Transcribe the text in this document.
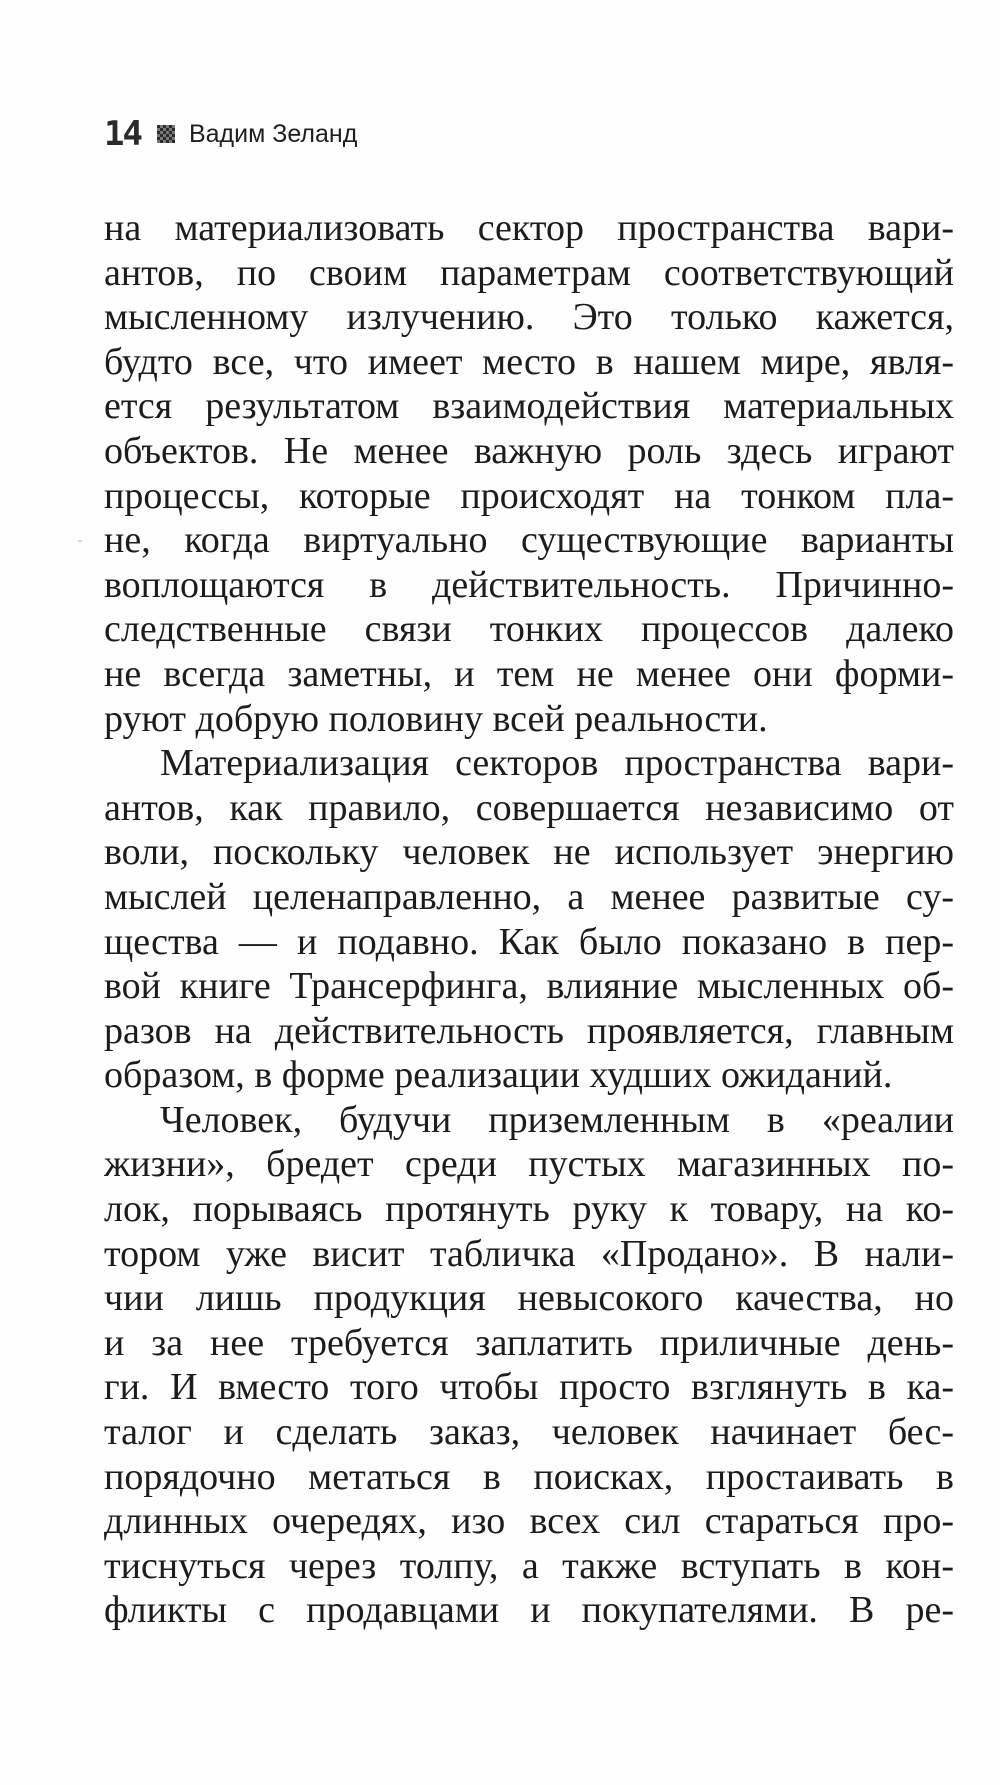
14 Вадим Зеланд
на материализовать сектор пространства вари-
антов, по своим параметрам соответствующий
мысленному излучению. Это только кажется,
будто все, что имеет место в нашем мире, явля-
ется результатом взаимодействия материальных
объектов. Не менее важную роль здесь играют
процессы, которые происходят на тонком пла-
не, когда виртуально существующие варианты
воплощаются в действительность. Причинно-
следственные связи тонких процессов далеко
не всегда заметны, и тем не менее они форми-
руют добрую половину всей реальности.
Материализация секторов пространства вари-
антов, как правило, совершается независимо от
воли, поскольку человек не использует энергию
мыслей целенаправленно, а менее развитые су-
щества — и подавно. Как было показано в пер-
вой книге Трансерфинга, влияние мысленных об-
разов на действительность проявляется, главным
образом, в форме реализации худших ожиданий.
Человек, будучи приземленным в «реалии
жизни», бредет среди пустых магазинных по-
лок, порываясь протянуть руку к товару, на ко-
тором уже висит табличка «Продано». В нали-
чии лишь продукция невысокого качества, но
и за нее требуется заплатить приличные день-
ги. И вместо того чтобы просто взглянуть в ка-
талог и сделать заказ, человек начинает бес-
порядочно метаться в поисках, простаивать в
длинных очередях, изо всех сил стараться про-
тиснуться через толпу, а также вступать в кон-
фликты с продавцами и покупателями. В ре-
